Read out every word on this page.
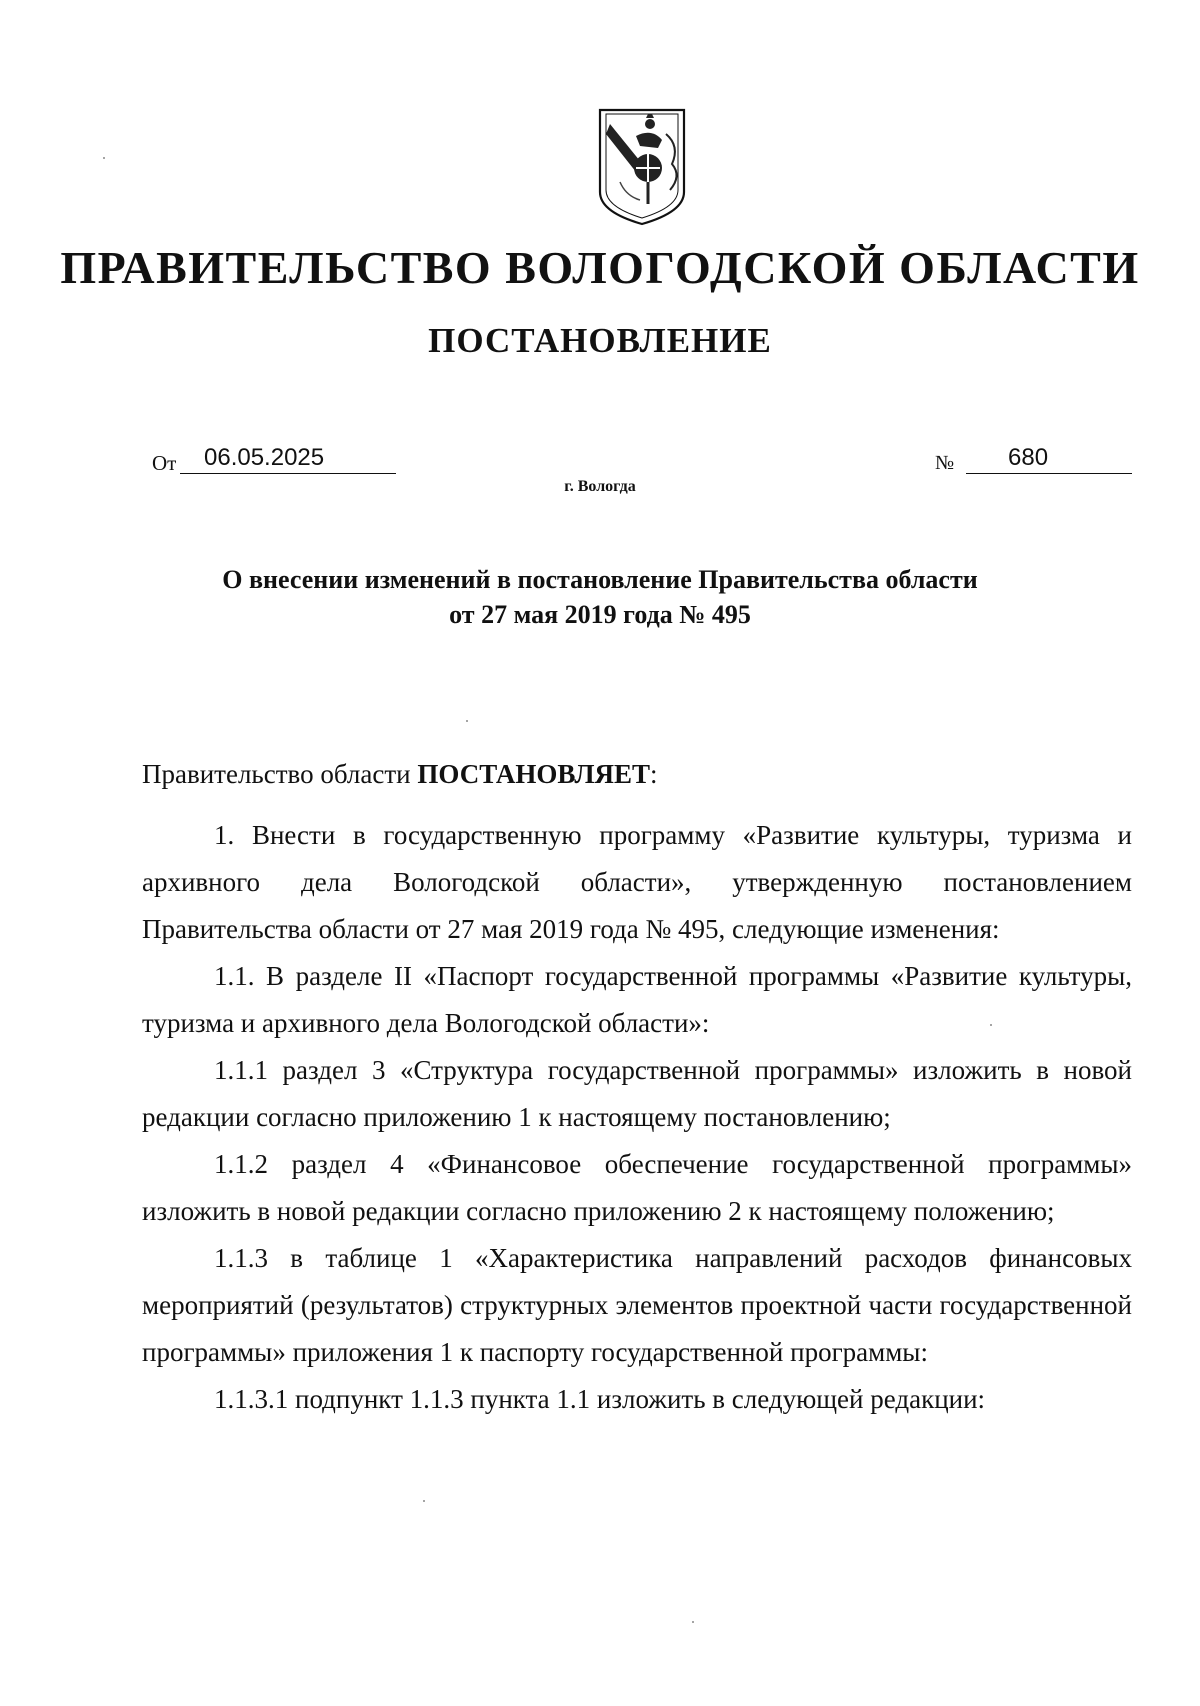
ПРАВИТЕЛЬСТВО ВОЛОГОДСКОЙ ОБЛАСТИ
ПОСТАНОВЛЕНИЕ
От	06.05.2025	№	680
г. Вологда
О внесении изменений в постановление Правительства области
от 27 мая 2019 года № 495

Правительство области ПОСТАНОВЛЯЕТ:

1. Внести в государственную программу «Развитие культуры, туризма и архивного дела Вологодской области», утвержденную постановлением Правительства области от 27 мая 2019 года № 495, следующие изменения:

1.1. В разделе II «Паспорт государственной программы «Развитие культуры, туризма и архивного дела Вологодской области»:

1.1.1 раздел 3 «Структура государственной программы» изложить в новой редакции согласно приложению 1 к настоящему постановлению;

1.1.2 раздел 4 «Финансовое обеспечение государственной программы» изложить в новой редакции согласно приложению 2 к настоящему положению;

1.1.3 в таблице 1 «Характеристика направлений расходов финансовых мероприятий (результатов) структурных элементов проектной части государственной программы» приложения 1 к паспорту государственной программы:

1.1.3.1 подпункт 1.1.3 пункта 1.1 изложить в следующей редакции:
